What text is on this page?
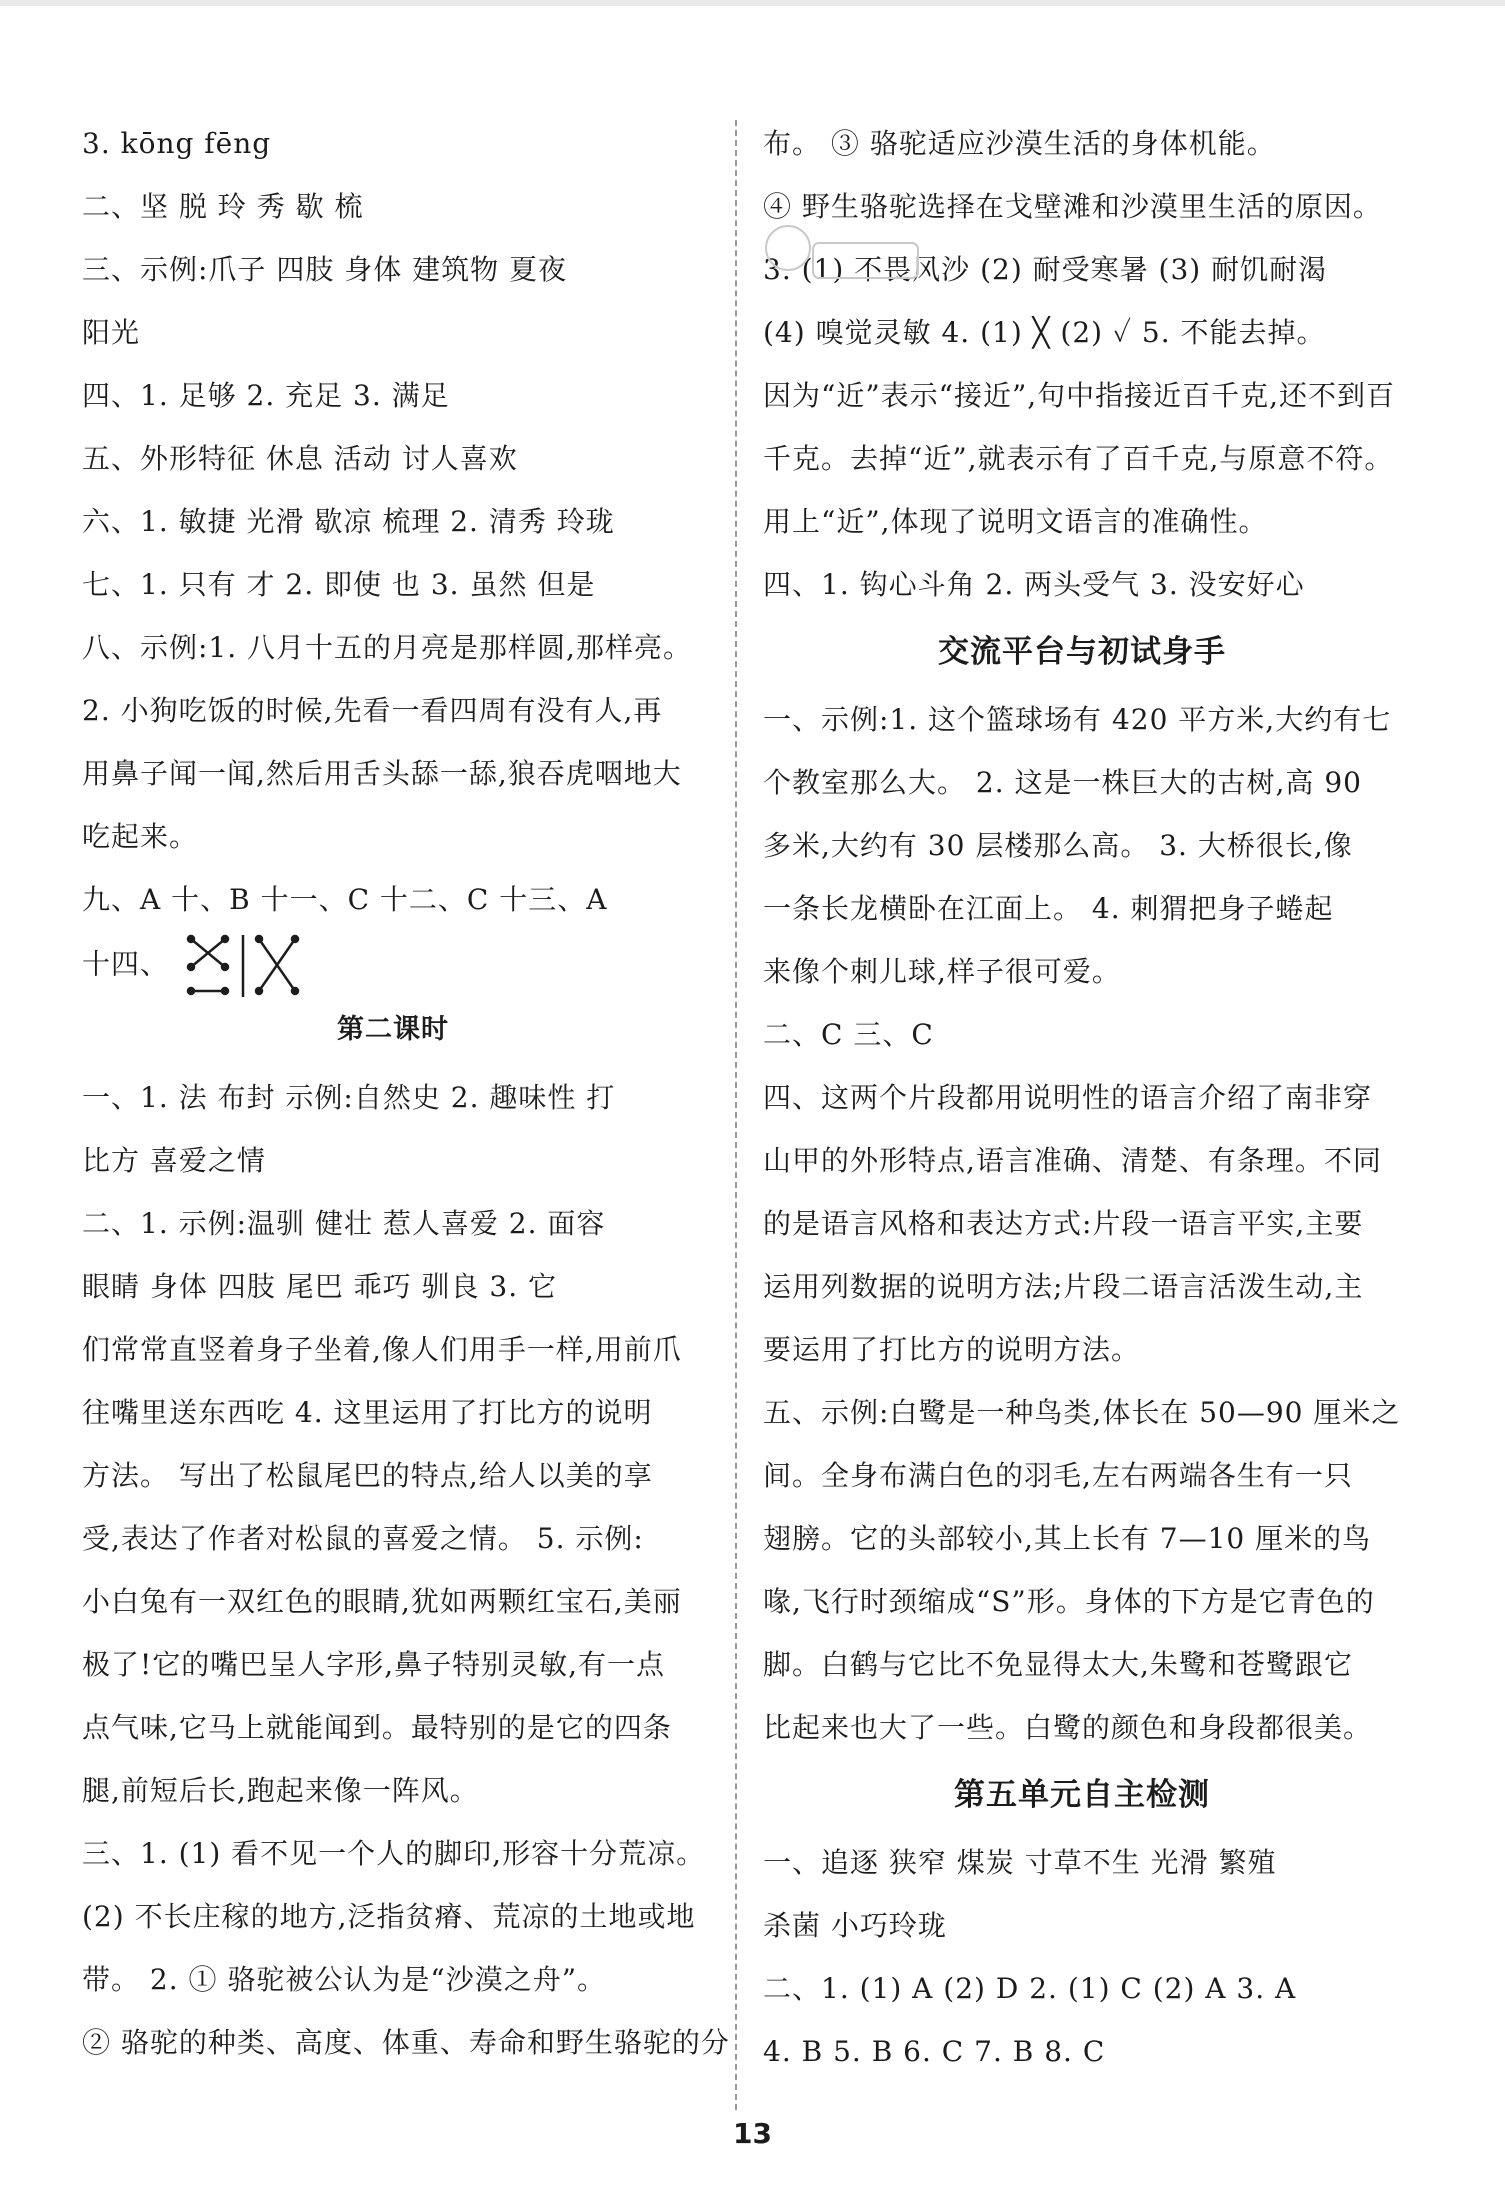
3. kōng fēng
二、坚 脱 玲 秀 歇 梳
三、示例:爪子 四肢 身体 建筑物 夏夜
阳光
四、1. 足够 2. 充足 3. 满足
五、外形特征 休息 活动 讨人喜欢
六、1. 敏捷 光滑 歇凉 梳理 2. 清秀 玲珑
七、1. 只有 才 2. 即使 也 3. 虽然 但是
八、示例:1. 八月十五的月亮是那样圆,那样亮。
2. 小狗吃饭的时候,先看一看四周有没有人,再
用鼻子闻一闻,然后用舌头舔一舔,狼吞虎咽地大
吃起来。
九、A 十、B 十一、C 十二、C 十三、A
十四、
第二课时
一、1. 法 布封 示例:自然史 2. 趣味性 打
比方 喜爱之情
二、1. 示例:温驯 健壮 惹人喜爱 2. 面容
眼睛 身体 四肢 尾巴 乖巧 驯良 3. 它
们常常直竖着身子坐着,像人们用手一样,用前爪
往嘴里送东西吃 4. 这里运用了打比方的说明
方法。 写出了松鼠尾巴的特点,给人以美的享
受,表达了作者对松鼠的喜爱之情。 5. 示例:
小白兔有一双红色的眼睛,犹如两颗红宝石,美丽
极了!它的嘴巴呈人字形,鼻子特别灵敏,有一点
点气味,它马上就能闻到。最特别的是它的四条
腿,前短后长,跑起来像一阵风。
三、1. (1) 看不见一个人的脚印,形容十分荒凉。
(2) 不长庄稼的地方,泛指贫瘠、荒凉的土地或地
带。 2. ① 骆驼被公认为是“沙漠之舟”。
② 骆驼的种类、高度、体重、寿命和野生骆驼的分
布。 ③ 骆驼适应沙漠生活的身体机能。
④ 野生骆驼选择在戈壁滩和沙漠里生活的原因。
3. (1) 不畏风沙 (2) 耐受寒暑 (3) 耐饥耐渴
(4) 嗅觉灵敏 4. (1) ╳ (2) ✓ 5. 不能去掉。
因为“近”表示“接近”,句中指接近百千克,还不到百
千克。去掉“近”,就表示有了百千克,与原意不符。
用上“近”,体现了说明文语言的准确性。
四、1. 钩心斗角 2. 两头受气 3. 没安好心
交流平台与初试身手
一、示例:1. 这个篮球场有 420 平方米,大约有七
个教室那么大。 2. 这是一株巨大的古树,高 90
多米,大约有 30 层楼那么高。 3. 大桥很长,像
一条长龙横卧在江面上。 4. 刺猬把身子蜷起
来像个刺儿球,样子很可爱。
二、C 三、C
四、这两个片段都用说明性的语言介绍了南非穿
山甲的外形特点,语言准确、清楚、有条理。不同
的是语言风格和表达方式:片段一语言平实,主要
运用列数据的说明方法;片段二语言活泼生动,主
要运用了打比方的说明方法。
五、示例:白鹭是一种鸟类,体长在 50—90 厘米之
间。全身布满白色的羽毛,左右两端各生有一只
翅膀。它的头部较小,其上长有 7—10 厘米的鸟
喙,飞行时颈缩成“S”形。身体的下方是它青色的
脚。白鹤与它比不免显得太大,朱鹭和苍鹭跟它
比起来也大了一些。白鹭的颜色和身段都很美。
第五单元自主检测
一、追逐 狭窄 煤炭 寸草不生 光滑 繁殖
杀菌 小巧玲珑
二、1. (1) A (2) D 2. (1) C (2) A 3. A
4. B 5. B 6. C 7. B 8. C
13
